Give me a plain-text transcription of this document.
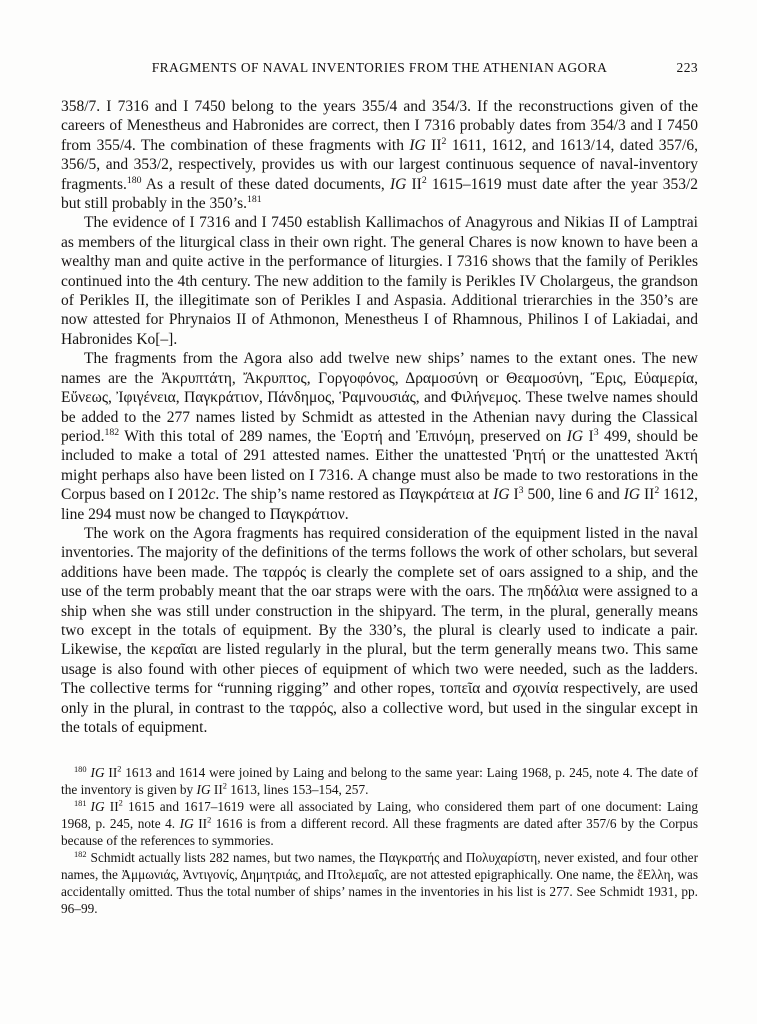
FRAGMENTS OF NAVAL INVENTORIES FROM THE ATHENIAN AGORA	223

358/7. I 7316 and I 7450 belong to the years 355/4 and 354/3. If the reconstructions given of the careers of Menestheus and Habronides are correct, then I 7316 probably dates from 354/3 and I 7450 from 355/4. The combination of these fragments with IG $II^2$ 1611, 1612, and 1613/14, dated 357/6, 356/5, and 353/2, respectively, provides us with our largest continuous sequence of naval-inventory fragments.$^{180}$ As a result of these dated documents, IG $II^2$ 1615–1619 must date after the year 353/2 but still probably in the 350’s.$^{181}$

The evidence of I 7316 and I 7450 establish Kallimachos of Anagyrous and Nikias II of Lamptrai as members of the liturgical class in their own right. The general Chares is now known to have been a wealthy man and quite active in the performance of liturgies. I 7316 shows that the family of Perikles continued into the 4th century. The new addition to the family is Perikles IV Cholargeus, the grandson of Perikles II, the illegitimate son of Perikles I and Aspasia. Additional trierarchies in the 350’s are now attested for Phrynaios II of Athmonon, Menestheus I of Rhamnous, Philinos I of Lakiadai, and Habronides Ko[–].

The fragments from the Agora also add twelve new ships’ names to the extant ones. The new names are the Ἀκρυπτάτη, Ἄκρυπτος, Γοργοφόνος, Δραμοσύνη or Θεαμοσύνη, Ἔρις, Εὐαμερία, Εὔνεως, Ἰφιγένεια, Παγκράτιον, Πάνδημος, Ῥαμνουσιάς, and Φιλήνεμος. These twelve names should be added to the 277 names listed by Schmidt as attested in the Athenian navy during the Classical period.$^{182}$ With this total of 289 names, the Ἑορτή and Ἐπινόμη, preserved on IG $I^3$ 499, should be included to make a total of 291 attested names. Either the unattested Ῥητή or the unattested Ἀκτή might perhaps also have been listed on I 7316. A change must also be made to two restorations in the Corpus based on I 2012c. The ship’s name restored as Παγκράτεια at IG $I^3$ 500, line 6 and IG $II^2$ 1612, line 294 must now be changed to Παγκράτιον.

The work on the Agora fragments has required consideration of the equipment listed in the naval inventories. The majority of the definitions of the terms follows the work of other scholars, but several additions have been made. The ταρρός is clearly the complete set of oars assigned to a ship, and the use of the term probably meant that the oar straps were with the oars. The πηδάλια were assigned to a ship when she was still under construction in the shipyard. The term, in the plural, generally means two except in the totals of equipment. By the 330’s, the plural is clearly used to indicate a pair. Likewise, the κεραῖαι are listed regularly in the plural, but the term generally means two. This same usage is also found with other pieces of equipment of which two were needed, such as the ladders. The collective terms for “running rigging” and other ropes, τοπεῖα and σχοινία respectively, are used only in the plural, in contrast to the ταρρός, also a collective word, but used in the singular except in the totals of equipment.

$^{180}$ IG $II^2$ 1613 and 1614 were joined by Laing and belong to the same year: Laing 1968, p. 245, note 4. The date of the inventory is given by IG $II^2$ 1613, lines 153–154, 257.

$^{181}$ IG $II^2$ 1615 and 1617–1619 were all associated by Laing, who considered them part of one document: Laing 1968, p. 245, note 4. IG $II^2$ 1616 is from a different record. All these fragments are dated after 357/6 by the Corpus because of the references to symmories.

$^{182}$ Schmidt actually lists 282 names, but two names, the Παγκρατής and Πολυχαρίστη, never existed, and four other names, the Ἀμμωνιάς, Ἀντιγονίς, Δημητριάς, and Πτολεμαΐς, are not attested epigraphically. One name, the ἕΕλλη, was accidentally omitted. Thus the total number of ships’ names in the inventories in his list is 277. See Schmidt 1931, pp. 96–99.
